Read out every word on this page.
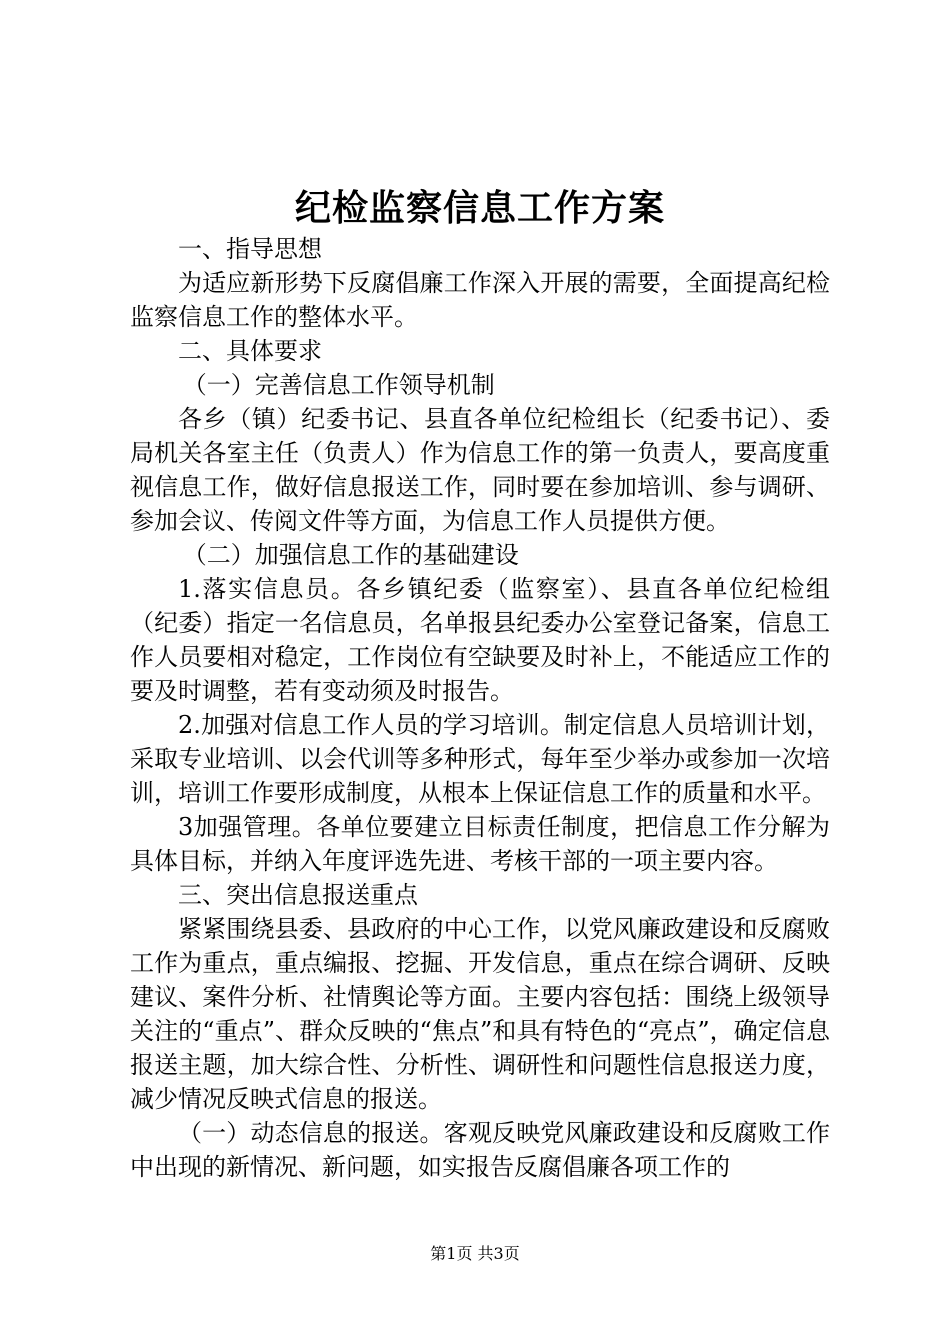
纪检监察信息工作方案

一、指导思想

为适应新形势下反腐倡廉工作深入开展的需要，全面提高纪检监察信息工作的整体水平。

二、具体要求

（一）完善信息工作领导机制

各乡（镇）纪委书记、县直各单位纪检组长（纪委书记）、委局机关各室主任（负责人）作为信息工作的第一负责人，要高度重视信息工作，做好信息报送工作，同时要在参加培训、参与调研、参加会议、传阅文件等方面，为信息工作人员提供方便。

（二）加强信息工作的基础建设

1.落实信息员。各乡镇纪委（监察室）、县直各单位纪检组（纪委）指定一名信息员，名单报县纪委办公室登记备案，信息工作人员要相对稳定，工作岗位有空缺要及时补上，不能适应工作的要及时调整，若有变动须及时报告。

2.加强对信息工作人员的学习培训。制定信息人员培训计划，采取专业培训、以会代训等多种形式，每年至少举办或参加一次培训，培训工作要形成制度，从根本上保证信息工作的质量和水平。

3加强管理。各单位要建立目标责任制度，把信息工作分解为具体目标，并纳入年度评选先进、考核干部的一项主要内容。

三、突出信息报送重点

紧紧围绕县委、县政府的中心工作，以党风廉政建设和反腐败工作为重点，重点编报、挖掘、开发信息，重点在综合调研、反映建议、案件分析、社情舆论等方面。主要内容包括：围绕上级领导关注的“重点”、群众反映的“焦点”和具有特色的“亮点”，确定信息报送主题，加大综合性、分析性、调研性和问题性信息报送力度，减少情况反映式信息的报送。

（一）动态信息的报送。客观反映党风廉政建设和反腐败工作中出现的新情况、新问题，如实报告反腐倡廉各项工作的

第1页 共3页
